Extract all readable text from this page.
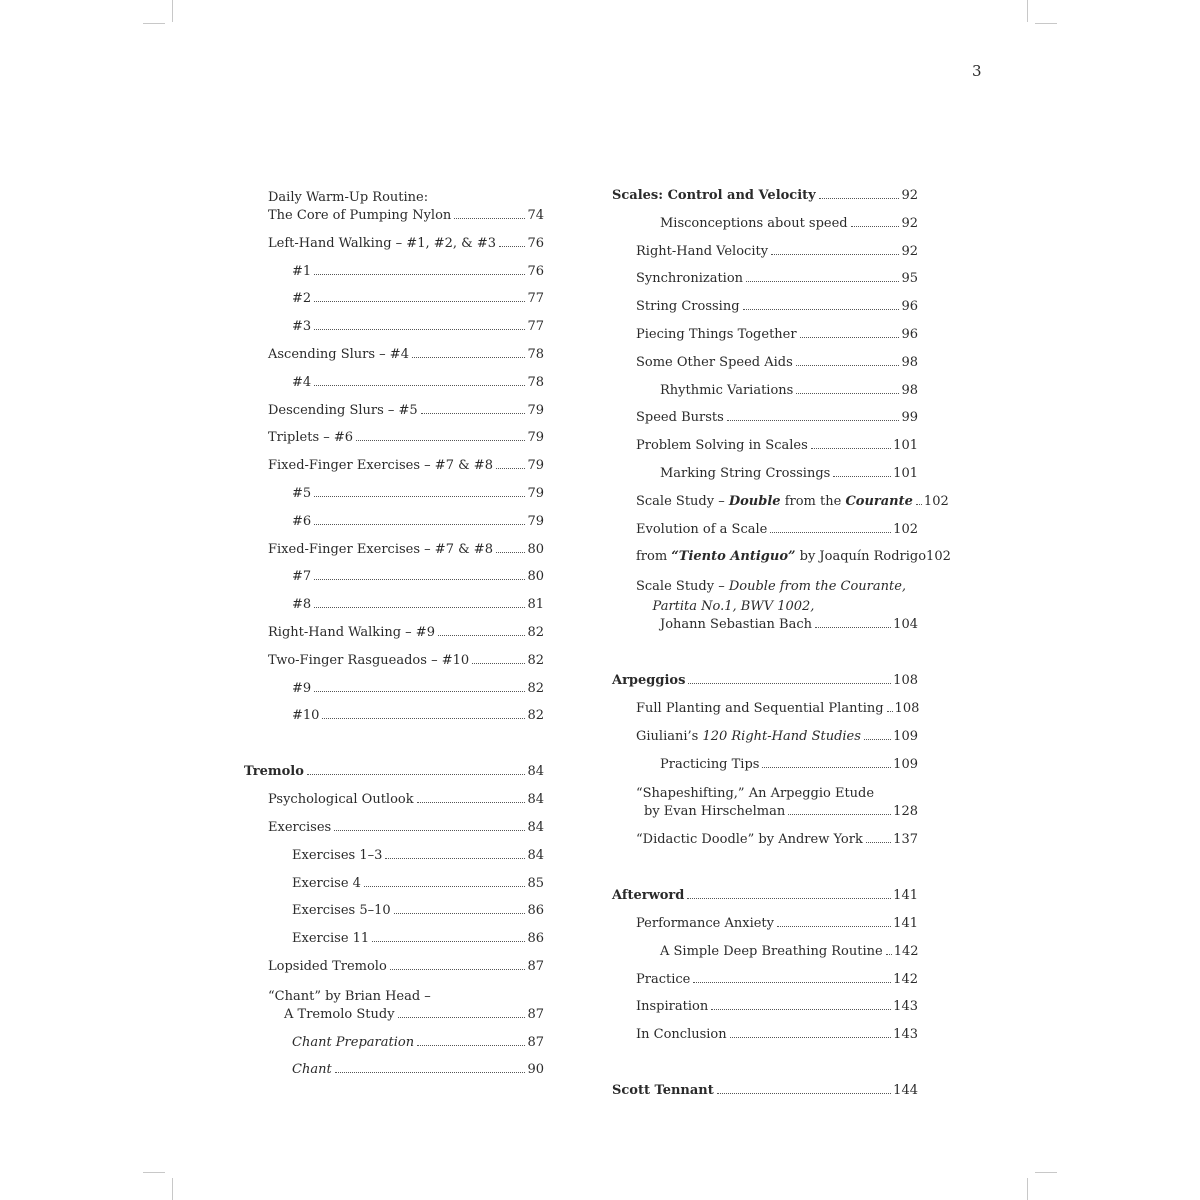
3
Daily Warm-Up Routine:
The Core of Pumping Nylon	74
Left-Hand Walking – #1, #2, & #3 76
#1	76
#2	77
#3	77
Ascending Slurs – #4	78
#4	78
Descending Slurs – #5	79
Triplets – #6	79
Fixed-Finger Exercises – #7 & #8	79
#5	79
#6	79
Fixed-Finger Exercises – #7 & #8	80
#7	80
#8	81
Right-Hand Walking – #9	82
Two-Finger Rasgueados – #10	82
#9	82
#10	82
Tremolo	84
Psychological Outlook	84
Exercises	84
Exercises 1–3	84
Exercise 4	85
Exercises 5–10	86
Exercise 11	86
Lopsided Tremolo	87
“Chant” by Brian Head –
A Tremolo Study	87
Chant Preparation	87
Chant	90
Scales: Control and Velocity	92
Misconceptions about speed	92
Right-Hand Velocity	92
Synchronization	95
String Crossing	96
Piecing Things Together	96
Some Other Speed Aids	98
Rhythmic Variations	98
Speed Bursts	99
Problem Solving in Scales	101
Marking String Crossings	101
Scale Study – Double from the Courante 102
Evolution of a Scale	102
from “Tiento Antiguo” by Joaquín Rodrigo 102
Scale Study – Double from the Courante,
Partita No.1, BWV 1002,
Johann Sebastian Bach	104
Arpeggios	108
Full Planting and Sequential Planting 108
Giuliani’s 120 Right-Hand Studies 109
Practicing Tips	109
“Shapeshifting,” An Arpeggio Etude
by Evan Hirschelman	128
“Didactic Doodle” by Andrew York 137
Afterword	141
Performance Anxiety	141
A Simple Deep Breathing Routine 142
Practice	142
Inspiration	143
In Conclusion	143
Scott Tennant	144
